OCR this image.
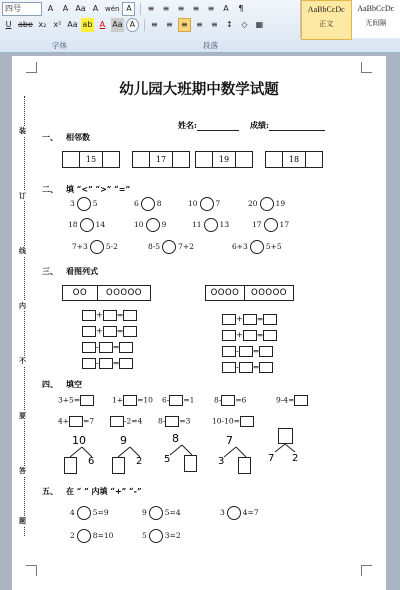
四号	A	A Aa A wén A	≡	≡	≡	≡	≡	A	¶
U abe x₂ x² Aa ab A Aa A	≡	≡	≡	≡	≡	↕	◇	▦
字体	段落
AaBbCcDc
正文
AaBbCcDc
无间隔
装
订
线
内
不
要
答
题
幼儿园大班期中数学试题
姓名:	成绩:
一、 相邻数
15	17	19	18
二、 填 “<” “>” “=”
3 5	6 8	10 7	20 19
18 14	10 9	11 13	17 17
7+3 5-2	8-5 7+2	6+3 5+5
三、 看图列式
OO	OOOOO	OOOO	OOOOO
+ =
+ =
- =
- =
+ =
+ =
- =
- =
四、 填空
3+5=	1+ =10 6- =1	8- =6	9-4=
4+ =7	-2=4 8- =3	10-10=
10
6
9
2
8
5
7
3	7 2
五、 在 “ ” 内填 “+” “-”
4 5=9	9 5=4	3 4=7
2 8=10	5 3=2
